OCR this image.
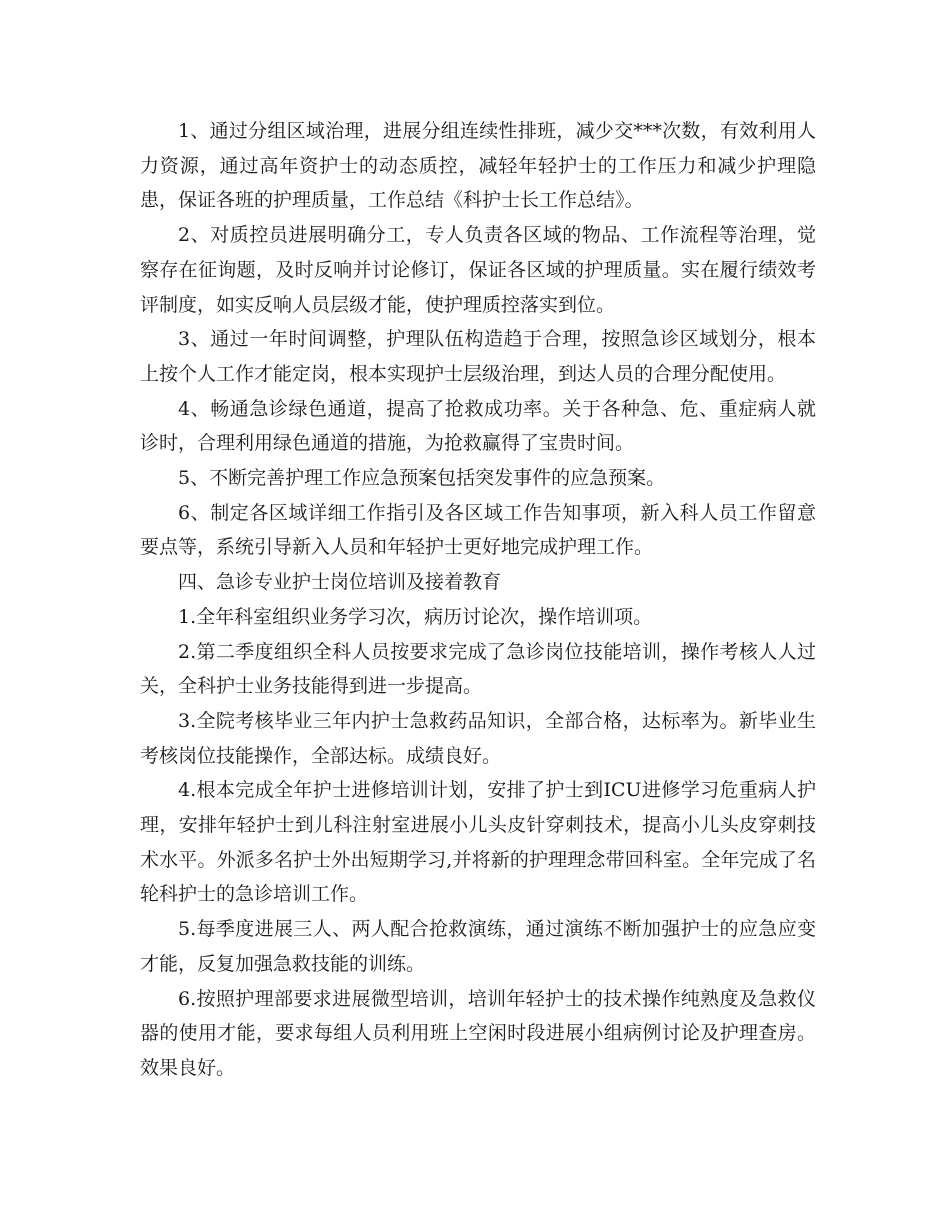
1、通过分组区域治理，进展分组连续性排班，减少交***次数，有效利用人力资源，通过高年资护士的动态质控，减轻年轻护士的工作压力和减少护理隐患，保证各班的护理质量，工作总结《科护士长工作总结》。

2、对质控员进展明确分工，专人负责各区域的物品、工作流程等治理，觉察存在征询题，及时反响并讨论修订，保证各区域的护理质量。实在履行绩效考评制度，如实反响人员层级才能，使护理质控落实到位。

3、通过一年时间调整，护理队伍构造趋于合理，按照急诊区域划分，根本上按个人工作才能定岗，根本实现护士层级治理，到达人员的合理分配使用。

4、畅通急诊绿色通道，提高了抢救成功率。关于各种急、危、重症病人就诊时，合理利用绿色通道的措施，为抢救赢得了宝贵时间。

5、不断完善护理工作应急预案包括突发事件的应急预案。

6、制定各区域详细工作指引及各区域工作告知事项，新入科人员工作留意要点等，系统引导新入人员和年轻护士更好地完成护理工作。

四、急诊专业护士岗位培训及接着教育

1.全年科室组织业务学习次，病历讨论次，操作培训项。

2.第二季度组织全科人员按要求完成了急诊岗位技能培训，操作考核人人过关，全科护士业务技能得到进一步提高。

3.全院考核毕业三年内护士急救药品知识，全部合格，达标率为。新毕业生考核岗位技能操作，全部达标。成绩良好。

4.根本完成全年护士进修培训计划，安排了护士到ICU进修学习危重病人护理，安排年轻护士到儿科注射室进展小儿头皮针穿刺技术，提高小儿头皮穿刺技术水平。外派多名护士外出短期学习,并将新的护理理念带回科室。全年完成了名轮科护士的急诊培训工作。

5.每季度进展三人、两人配合抢救演练，通过演练不断加强护士的应急应变才能，反复加强急救技能的训练。

6.按照护理部要求进展微型培训，培训年轻护士的技术操作纯熟度及急救仪器的使用才能，要求每组人员利用班上空闲时段进展小组病例讨论及护理查房。效果良好。
